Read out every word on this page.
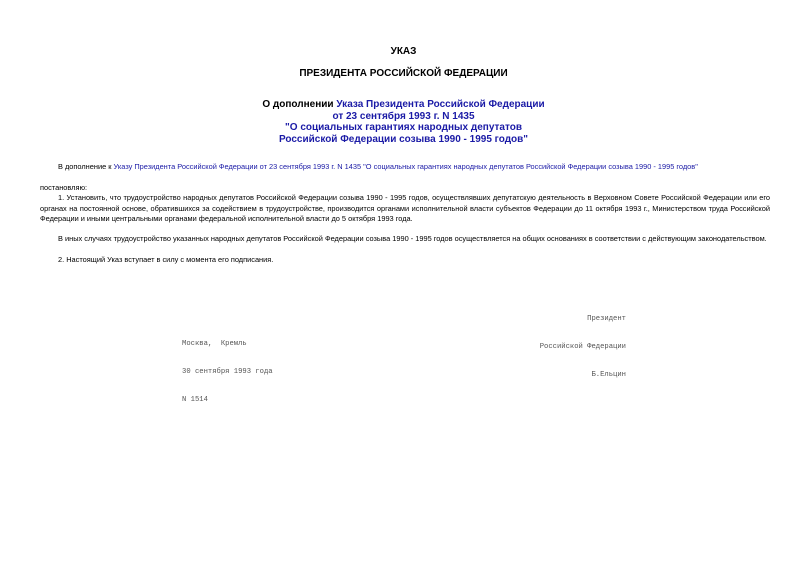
УКАЗ

ПРЕЗИДЕНТА РОССИЙСКОЙ ФЕДЕРАЦИИ

О дополнении Указа Президента Российской Федерации
от 23 сентября 1993 г. N 1435
"О социальных гарантиях народных депутатов
Российской Федерации созыва 1990 - 1995 годов"

В дополнение к Указу Президента Российской Федерации от 23 сентября 1993 г. N 1435 "О социальных гарантиях народных депутатов Российской Федерации созыва 1990 - 1995 годов"

постановляю:

1. Установить, что трудоустройство народных депутатов Российской Федерации созыва 1990 - 1995 годов, осуществлявших депутатскую деятельность в Верховном Совете Российской Федерации или его органах на постоянной основе, обратившихся за содействием в трудоустройстве, производится органами исполнительной власти субъектов Федерации до 11 октября 1993 г., Министерством труда Российской Федерации и иными центральными органами федеральной исполнительной власти до 5 октября 1993 года.

В иных случаях трудоустройство указанных народных депутатов Российской Федерации созыва 1990 - 1995 годов осуществляется на общих основаниях в соответствии с действующим законодательством.

2. Настоящий Указ вступает в силу с момента его подписания.

Президент

Российской Федерации

Б.Ельцин

Москва,  Кремль

30 сентября 1993 года

N 1514
